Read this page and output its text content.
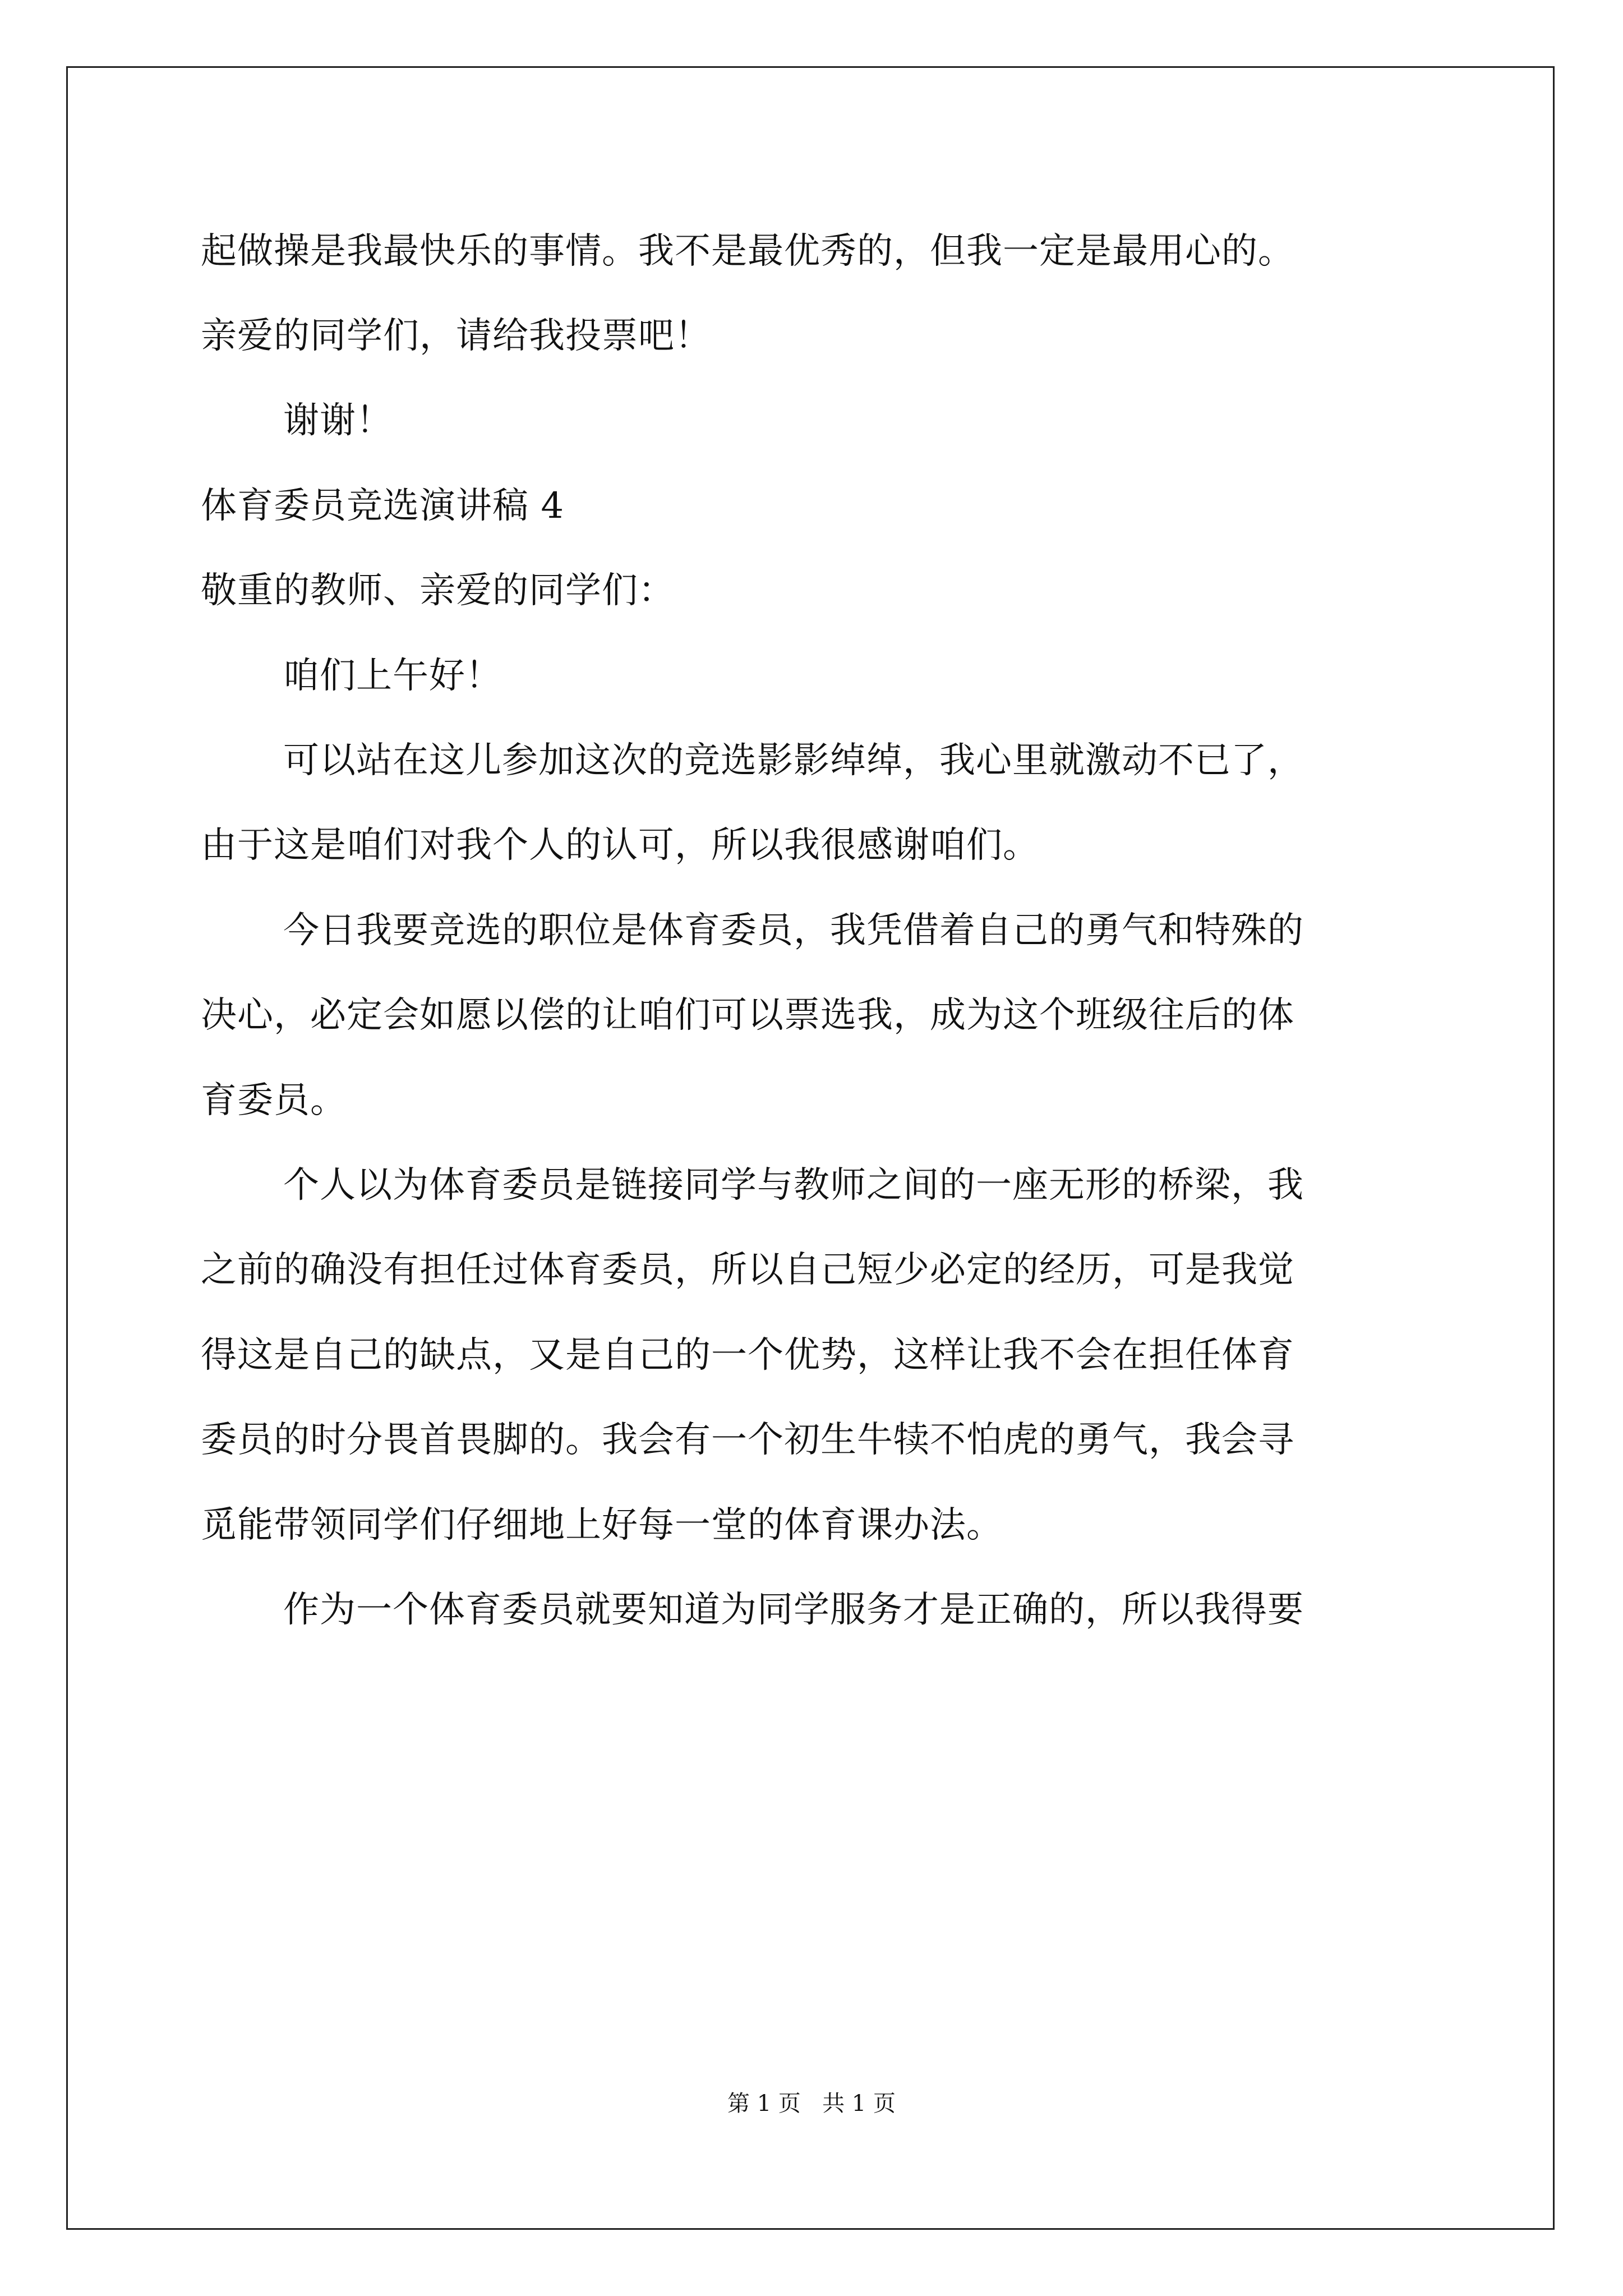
起做操是我最快乐的事情。我不是最优秀的，但我一定是最用心的。
亲爱的同学们，请给我投票吧！
谢谢！
体育委员竞选演讲稿 4
敬重的教师、亲爱的同学们：
咱们上午好！
可以站在这儿参加这次的竞选影影绰绰，我心里就激动不已了，
由于这是咱们对我个人的认可，所以我很感谢咱们。
今日我要竞选的职位是体育委员，我凭借着自己的勇气和特殊的
决心，必定会如愿以偿的让咱们可以票选我，成为这个班级往后的体
育委员。
个人以为体育委员是链接同学与教师之间的一座无形的桥梁，我
之前的确没有担任过体育委员，所以自己短少必定的经历，可是我觉
得这是自己的缺点，又是自己的一个优势，这样让我不会在担任体育
委员的时分畏首畏脚的。我会有一个初生牛犊不怕虎的勇气，我会寻
觅能带领同学们仔细地上好每一堂的体育课办法。
作为一个体育委员就要知道为同学服务才是正确的，所以我得要
第 1 页   共 1 页
